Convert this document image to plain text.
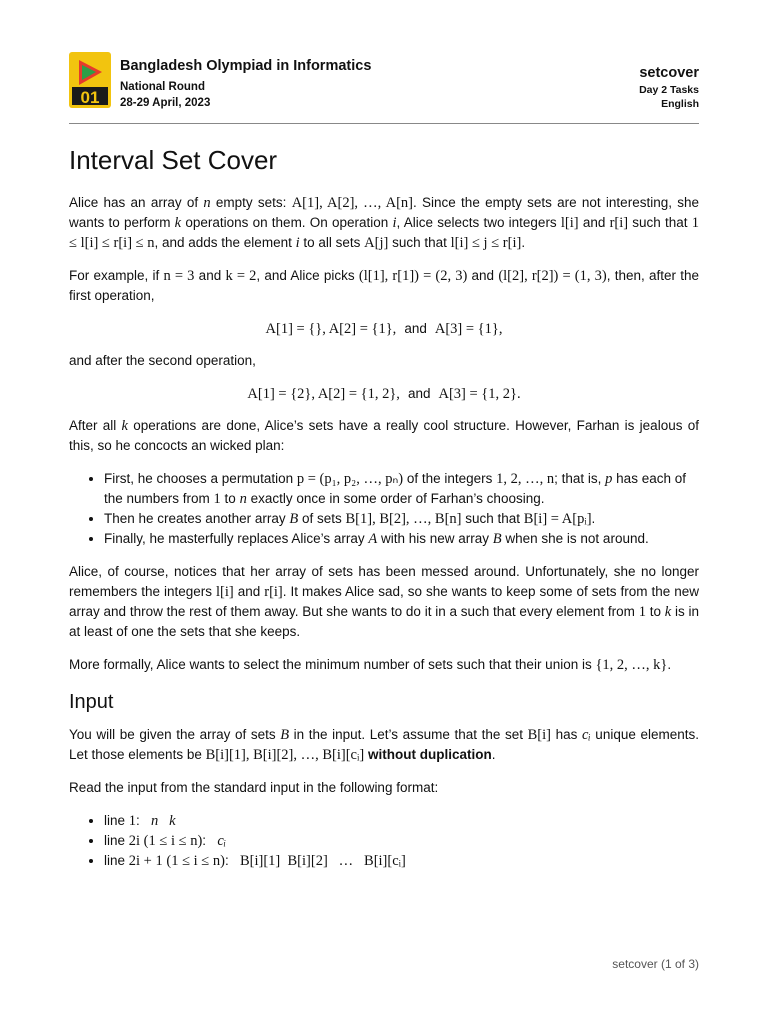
01
Bangladesh Olympiad in Informatics
National Round
28-29 April, 2023
setcover
Day 2 Tasks
English
Interval Set Cover

Alice has an array of n empty sets: A[1], A[2], …, A[n]. Since the empty sets are not interesting, she wants to perform k operations on them. On operation i, Alice selects two integers l[i] and r[i] such that 1 ≤ l[i] ≤ r[i] ≤ n, and adds the element i to all sets A[j] such that l[i] ≤ j ≤ r[i].

For example, if n = 3 and k = 2, and Alice picks (l[1], r[1]) = (2, 3) and (l[2], r[2]) = (1, 3), then, after the first operation,

A[1] = {}, A[2] = {1}, and A[3] = {1},

and after the second operation,

A[1] = {2}, A[2] = {1, 2}, and A[3] = {1, 2}.

After all k operations are done, Alice’s sets have a really cool structure. However, Farhan is jealous of this, so he concocts an wicked plan:

• First, he chooses a permutation p = (p₁, p₂, …, pₙ) of the integers 1, 2, …, n; that is, p has each of the numbers from 1 to n exactly once in some order of Farhan’s choosing.
• Then he creates another array B of sets B[1], B[2], …, B[n] such that B[i] = A[pᵢ].
• Finally, he masterfully replaces Alice’s array A with his new array B when she is not around.

Alice, of course, notices that her array of sets has been messed around. Unfortunately, she no longer remembers the integers l[i] and r[i]. It makes Alice sad, so she wants to keep some of sets from the new array and throw the rest of them away. But she wants to do it in a such that every element from 1 to k is in at least of one the sets that she keeps.

More formally, Alice wants to select the minimum number of sets such that their union is {1, 2, …, k}.

Input

You will be given the array of sets B in the input. Let’s assume that the set B[i] has cᵢ unique elements. Let those elements be B[i][1], B[i][2], …, B[i][cᵢ] without duplication.

Read the input from the standard input in the following format:

• line 1: n   k
• line 2i (1 ≤ i ≤ n): cᵢ
• line 2i + 1 (1 ≤ i ≤ n): B[i][1]  B[i][2]   …   B[i][cᵢ]
setcover (1 of 3)
